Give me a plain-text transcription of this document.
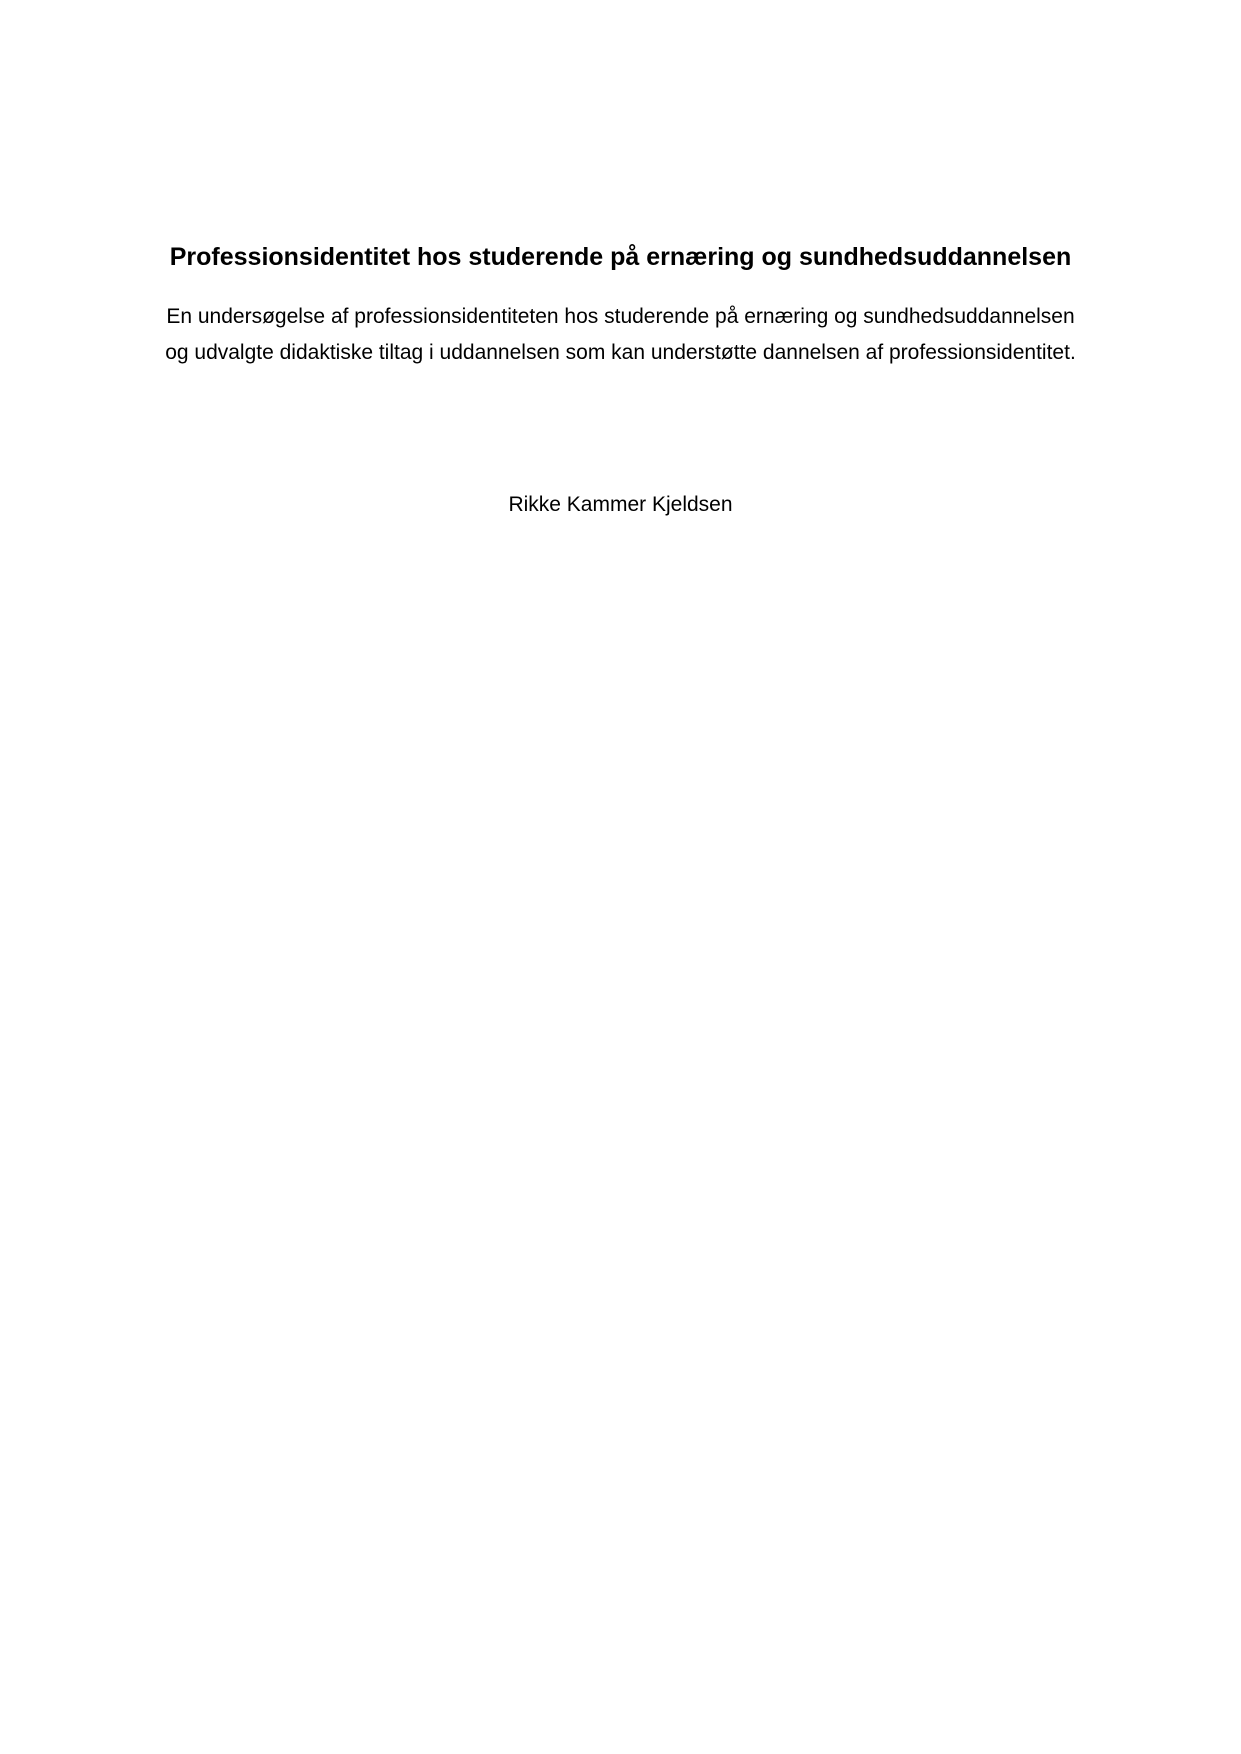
Professionsidentitet hos studerende på ernæring og sundhedsuddannelsen

En undersøgelse af professionsidentiteten hos studerende på ernæring og sundhedsuddannelsen
og udvalgte didaktiske tiltag i uddannelsen som kan understøtte dannelsen af professionsidentitet.

Rikke Kammer Kjeldsen
